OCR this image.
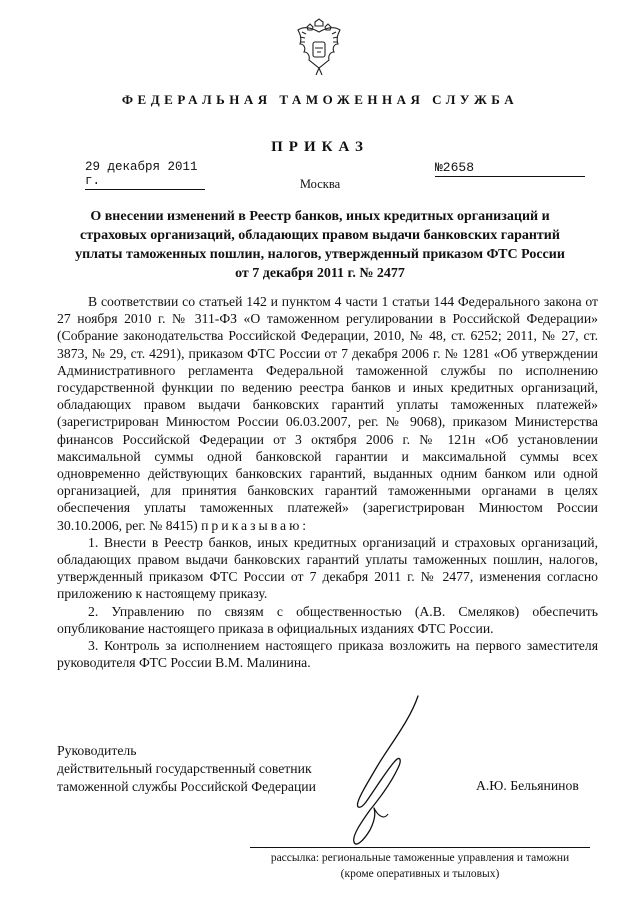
ФЕДЕРАЛЬНАЯ ТАМОЖЕННАЯ СЛУЖБА
ПРИКАЗ
29 декабря 2011 г.
№2658
Москва
О внесении изменений в Реестр банков, иных кредитных организаций и
страховых организаций, обладающих правом выдачи банковских гарантий
уплаты таможенных пошлин, налогов, утвержденный приказом ФТС России
от 7 декабря 2011 г. № 2477

В соответствии со статьей 142 и пунктом 4 части 1 статьи 144 Федерального закона от 27 ноября 2010 г. № 311-ФЗ «О таможенном регулировании в Российской Федерации» (Собрание законодательства Российской Федерации, 2010, № 48, ст. 6252; 2011, № 27, ст. 3873, № 29, ст. 4291), приказом ФТС России от 7 декабря 2006 г. № 1281 «Об утверждении Административного регламента Федеральной таможенной службы по исполнению государственной функции по ведению реестра банков и иных кредитных организаций, обладающих правом выдачи банковских гарантий уплаты таможенных платежей» (зарегистрирован Минюстом России 06.03.2007, рег. № 9068), приказом Министерства финансов Российской Федерации от 3 октября 2006 г. № 121н «Об установлении максимальной суммы одной банковской гарантии и максимальной суммы всех одновременно действующих банковских гарантий, выданных одним банком или одной организацией, для принятия банковских гарантий таможенными органами в целях обеспечения уплаты таможенных платежей» (зарегистрирован Минюстом России 30.10.2006, рег. № 8415) приказываю:

1. Внести в Реестр банков, иных кредитных организаций и страховых организаций, обладающих правом выдачи банковских гарантий уплаты таможенных пошлин, налогов, утвержденный приказом ФТС России от 7 декабря 2011 г. № 2477, изменения согласно приложению к настоящему приказу.

2. Управлению по связям с общественностью (А.В. Смеляков) обеспечить опубликование настоящего приказа в официальных изданиях ФТС России.

3. Контроль за исполнением настоящего приказа возложить на первого заместителя руководителя ФТС России В.М. Малинина.

Руководитель
действительный государственный советник
таможенной службы Российской Федерации	А.Ю. Бельянинов
рассылка: региональные таможенные управления и таможни
(кроме оперативных и тыловых)
